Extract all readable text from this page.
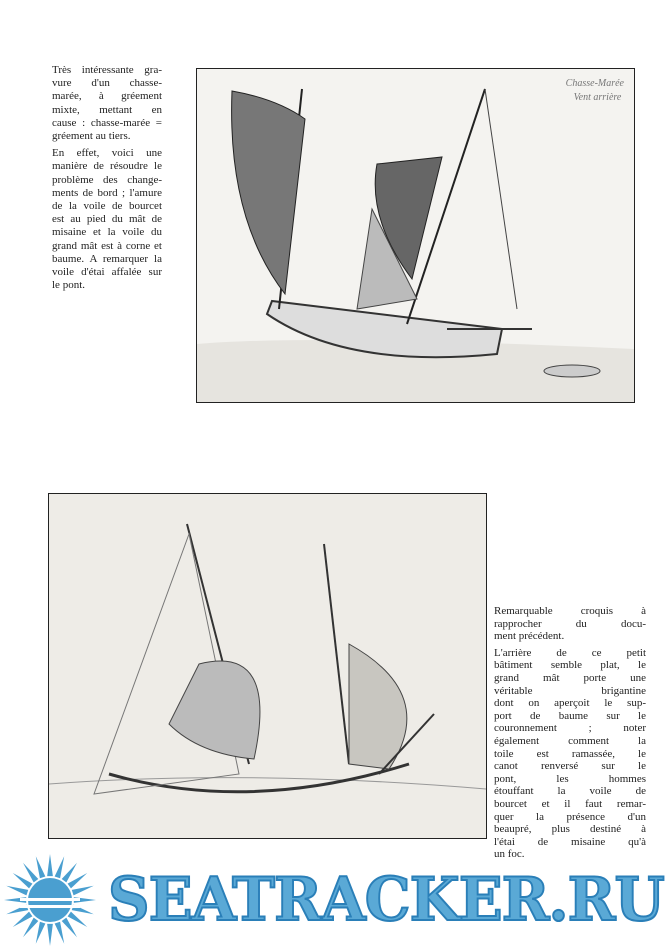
Très intéressante gra-
vure d'un chasse-
marée, à gréement
mixte, mettant en
cause : chasse-marée =
gréement au tiers.
En effet, voici une
manière de résoudre le
problème des change-
ments de bord ; l'amure
de la voile de bourcet
est au pied du mât de
misaine et la voile du
grand mât est à corne et
baume. A remarquer la
voile d'étai affalée sur
le pont.
Chasse-Marée
Vent arrière
Remarquable croquis à
rapprocher du docu-
ment précédent.
L'arrière de ce petit
bâtiment semble plat, le
grand mât porte une
véritable brigantine
dont on aperçoit le sup-
port de baume sur le
couronnement ; noter
également comment la
toile est ramassée, le
canot renversé sur le
pont, les hommes
étouffant la voile de
bourcet et il faut remar-
quer la présence d'un
beaupré, plus destiné à
l'étai de misaine qu'à
un foc.
SEATRACKER.RU
